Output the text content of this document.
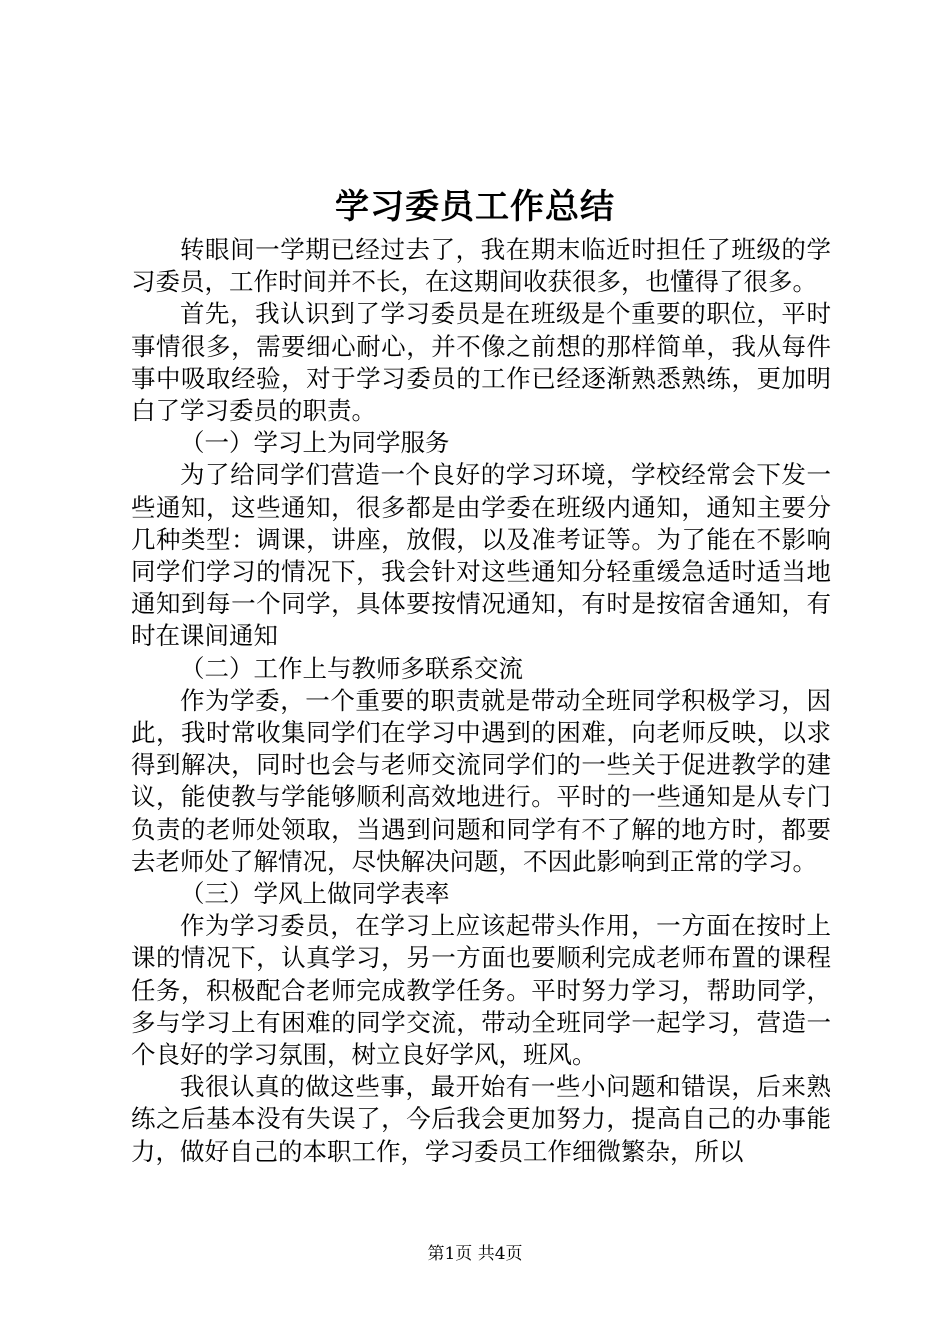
学习委员工作总结

转眼间一学期已经过去了，我在期末临近时担任了班级的学习委员，工作时间并不长，在这期间收获很多，也懂得了很多。

首先，我认识到了学习委员是在班级是个重要的职位，平时事情很多，需要细心耐心，并不像之前想的那样简单，我从每件事中吸取经验，对于学习委员的工作已经逐渐熟悉熟练，更加明白了学习委员的职责。

（一）学习上为同学服务

为了给同学们营造一个良好的学习环境，学校经常会下发一些通知，这些通知，很多都是由学委在班级内通知，通知主要分几种类型：调课，讲座，放假，以及准考证等。为了能在不影响同学们学习的情况下，我会针对这些通知分轻重缓急适时适当地通知到每一个同学，具体要按情况通知，有时是按宿舍通知，有时在课间通知

（二）工作上与教师多联系交流

作为学委，一个重要的职责就是带动全班同学积极学习，因此，我时常收集同学们在学习中遇到的困难，向老师反映，以求得到解决，同时也会与老师交流同学们的一些关于促进教学的建议，能使教与学能够顺利高效地进行。平时的一些通知是从专门负责的老师处领取，当遇到问题和同学有不了解的地方时，都要去老师处了解情况，尽快解决问题，不因此影响到正常的学习。

（三）学风上做同学表率

作为学习委员，在学习上应该起带头作用，一方面在按时上课的情况下，认真学习，另一方面也要顺利完成老师布置的课程任务，积极配合老师完成教学任务。平时努力学习，帮助同学，多与学习上有困难的同学交流，带动全班同学一起学习，营造一个良好的学习氛围，树立良好学风，班风。

我很认真的做这些事，最开始有一些小问题和错误，后来熟练之后基本没有失误了，今后我会更加努力，提高自己的办事能力，做好自己的本职工作，学习委员工作细微繁杂，所以

第1页 共4页
